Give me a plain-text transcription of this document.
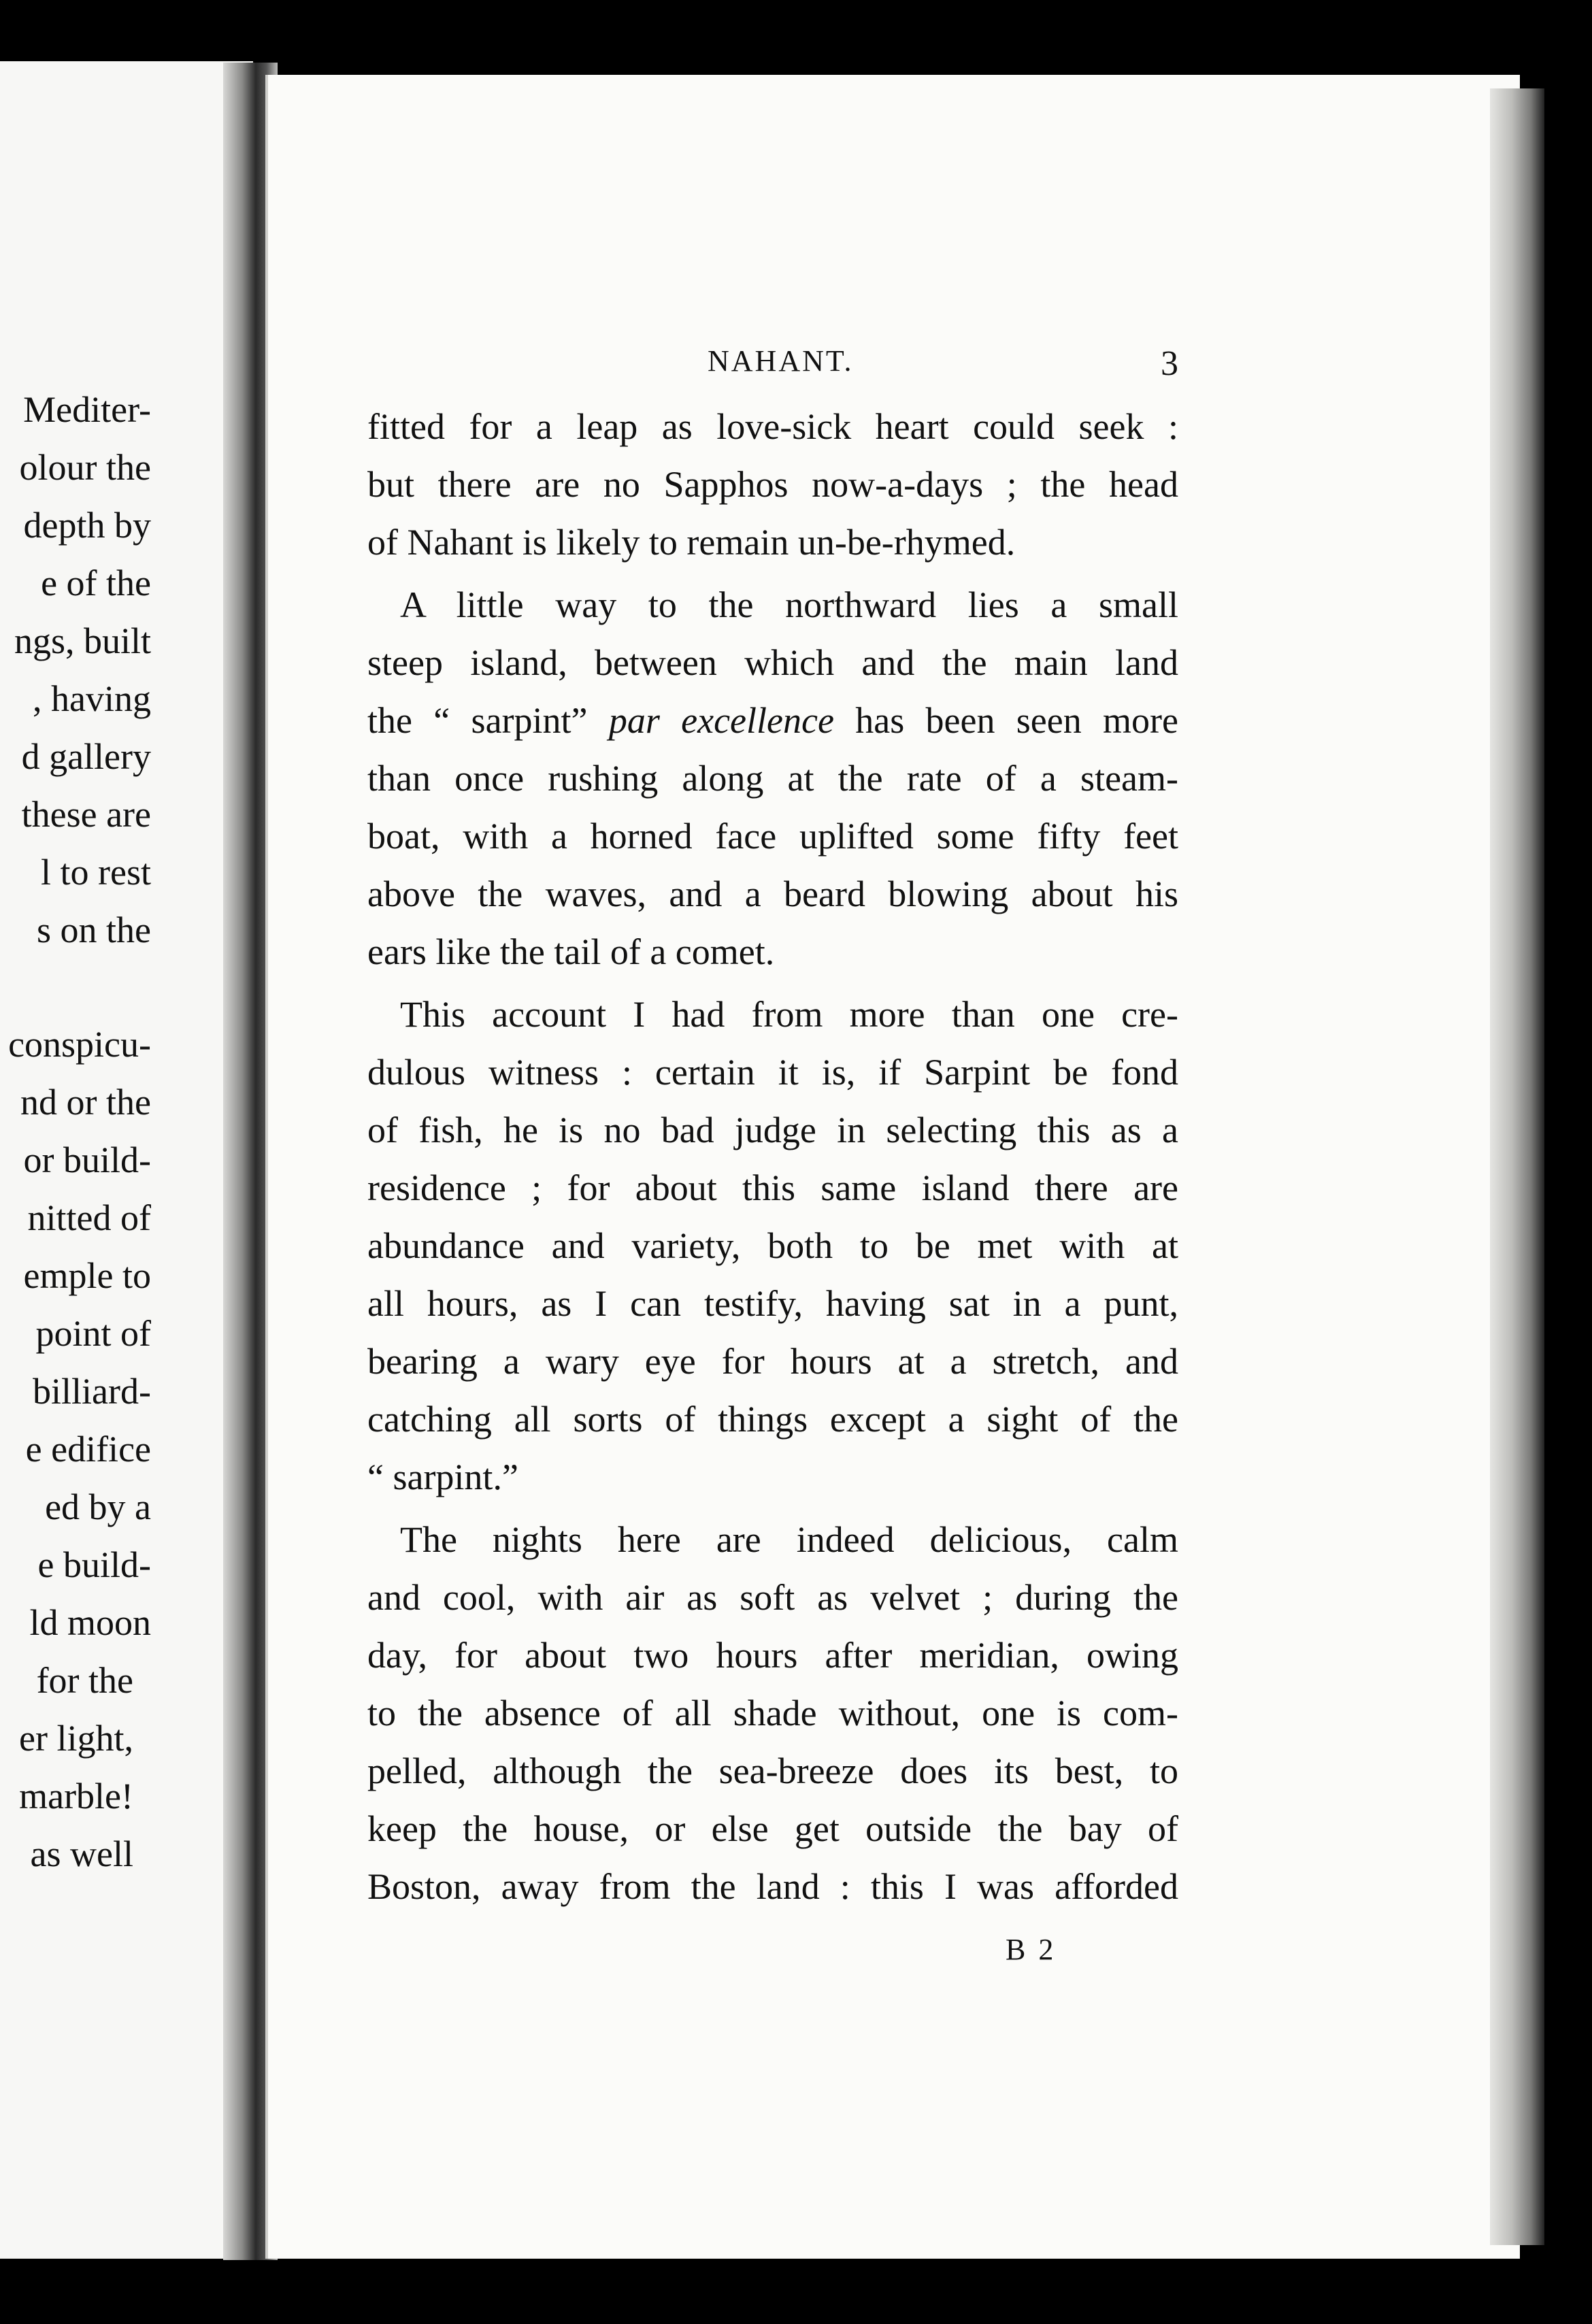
Mediter-
olour the
depth by
e of the
ngs, built
, having
d gallery
these are
l to rest
s on the
conspicu-
nd or the
or build-
nitted of
emple to
point of
billiard-
e edifice
ed by a
e build-
ld moon
for the
er light,
marble!
as well
NAHANT.	3
fitted for a leap as love-sick heart could seek :
but there are no Sapphos now-a-days ; the head
of Nahant is likely to remain un-be-rhymed.
A little way to the northward lies a small
steep island, between which and the main land
the “ sarpint” par excellence has been seen more
than once rushing along at the rate of a steam-
boat, with a horned face uplifted some fifty feet
above the waves, and a beard blowing about his
ears like the tail of a comet.
This account I had from more than one cre-
dulous witness : certain it is, if Sarpint be fond
of fish, he is no bad judge in selecting this as a
residence ; for about this same island there are
abundance and variety, both to be met with at
all hours, as I can testify, having sat in a punt,
bearing a wary eye for hours at a stretch, and
catching all sorts of things except a sight of the
“ sarpint.”
The nights here are indeed delicious, calm
and cool, with air as soft as velvet ; during the
day, for about two hours after meridian, owing
to the absence of all shade without, one is com-
pelled, although the sea-breeze does its best, to
keep the house, or else get outside the bay of
Boston, away from the land : this I was afforded
B 2
